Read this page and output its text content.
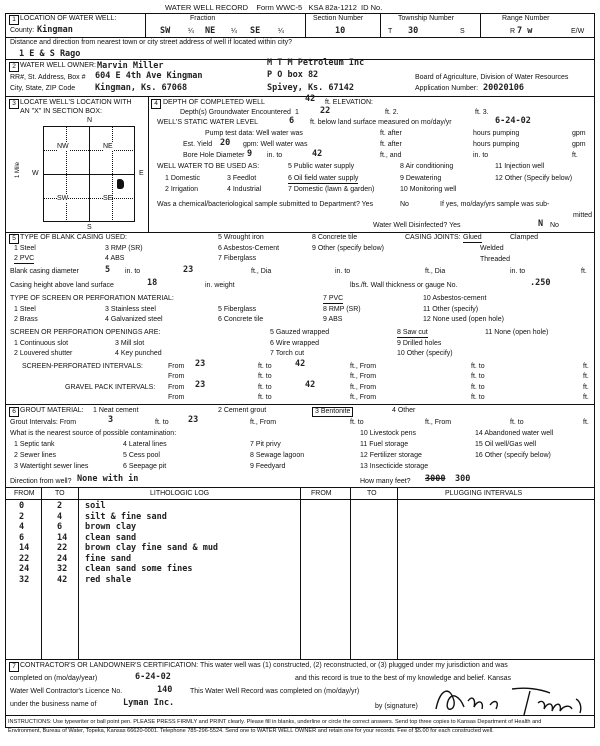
WATER WELL RECORD Form WWC-5 KSA 82a-1212 ID No.
1 LOCATION OF WATER WELL:
County: Kingman
Fraction
SW	¼ NE ¼ SE	¼
Section Number
10
Township Number
T 30	S
Range Number
R 7 w	E/W
Distance and direction from nearest town or city street address of well if located within city?
1 E & S Rago
2 WATER WELL OWNER: Marvin Miller	M T M Petroleum Inc
RR#, St. Address, Box # 604 E 4th Ave Kingman	P O box 82
City, State, ZIP Code Kingman, Ks. 67068	Spivey, Ks. 67142
Board of Agriculture, Division of Water Resources
Application Number: 20020106
3 LOCATE WELL'S LOCATION WITH
AN "X" IN SECTION BOX:
N
S
W	E
1 Mile
NW	NE
SW	SE
4 DEPTH OF COMPLETED WELL	42 ft. ELEVATION:
Depth(s) Groundwater Encountered 1 22	ft. 2.	ft. 3.
WELL'S STATIC WATER LEVEL	6 ft. below land surface measured on mo/day/yr	6-24-02
Pump test data: Well water was	ft. after	hours pumping	gpm
Est. Yield 20 gpm: Well water was	ft. after	hours pumping	gpm
Bore Hole Diameter 9 in. to	42	ft., and	in. to	ft.
WELL WATER TO BE USED AS:
1 Domestic
2 Irrigation
3 Feedlot
4 Industrial
5 Public water supply
6 Oil field water supply
7 Domestic (lawn & garden)
8 Air conditioning
9 Dewatering
10 Monitoring well
11 Injection well
12 Other (Specify below)
Was a chemical/bacteriological sample submitted to Department? Yes	No	If yes, mo/day/yrs sample was sub-
mitted
Water Well Disinfected? Yes	N No
5 TYPE OF BLANK CASING USED:
1 Steel
2 PVC
3 RMP (SR)
4 ABS
5 Wrought iron
6 Asbestos-Cement
7 Fiberglass
8 Concrete tile
9 Other (specify below)
CASING JOINTS: Glued	Clamped
Welded
Threaded
Blank casing diameter	5 in. to	23	ft., Dia	in. to	ft., Dia	in. to	ft.
Casing height above land surface	18	in. weight	lbs./ft. Wall thickness or gauge No.	.250
TYPE OF SCREEN OR PERFORATION MATERIAL:
1 Steel
2 Brass
3 Stainless steel
4 Galvanized steel
5 Fiberglass
6 Concrete tile
7 PVC
8 RMP (SR)
9 ABS
10 Asbestos-cement
11 Other (specify)
12 None used (open hole)
SCREEN OR PERFORATION OPENINGS ARE:
1 Continuous slot
2 Louvered shutter
3 Mill slot
4 Key punched
5 Gauzed wrapped
6 Wire wrapped
7 Torch cut
8 Saw cut
9 Drilled holes
10 Other (specify)
11 None (open hole)
SCREEN-PERFORATED INTERVALS:	From 23	ft. to	42	ft., From	ft. to	ft.
From	ft. to	ft., From	ft. to	ft.
GRAVEL PACK INTERVALS: From 23	ft. to	42	ft., From	ft. to	ft.
From	ft. to	ft., From	ft. to	ft.
6 GROUT MATERIAL: 1 Neat cement	2 Cement grout	3 Bentonite	4 Other
Grout Intervals: From	3	ft. to 23	ft., From	ft. to	ft., From	ft. to	ft.
What is the nearest source of possible contamination:
1 Septic tank
2 Sewer lines
3 Watertight sewer lines
4 Lateral lines
5 Cess pool
6 Seepage pit
7 Pit privy
8 Sewage lagoon
9 Feedyard
10 Livestock pens
11 Fuel storage
12 Fertilizer storage
13 Insecticide storage
14 Abandoned water well
15 Oil well/Gas well
16 Other (specify below)
Direction from well? None with in	How many feet? 3000 300
FROM	TO	LITHOLOGIC LOG	FROM	TO	PLUGGING INTERVALS
0	2	soil
2	4	silt & fine sand
4	6	brown clay
6	14 clean sand
14	22 brown clay fine sand & mud
22	24 fine sand
24	32 clean sand some fines
32	42 red shale
7 CONTRACTOR'S OR LANDOWNER'S CERTIFICATION: This water well was (1) constructed, (2) reconstructed, or (3) plugged under my jurisdiction and was
completed on (mo/day/year)	6-24-02	and this record is true to the best of my knowledge and belief. Kansas
Water Well Contractor's Licence No.	140	This Water Well Record was completed on (mo/day/yr)
under the business name of	Lyman Inc.	by (signature)
INSTRUCTIONS: Use typewriter or ball point pen. PLEASE PRESS FIRMLY and PRINT clearly. Please fill in blanks, underline or circle the correct answers. Send top three copies to Kansas Department of Health and
Environment, Bureau of Water, Topeka, Kansas 66620-0001. Telephone 785-296-5524. Send one to WATER WELL OWNER and retain one for your records. Fee of $5.00 for each constructed well.
